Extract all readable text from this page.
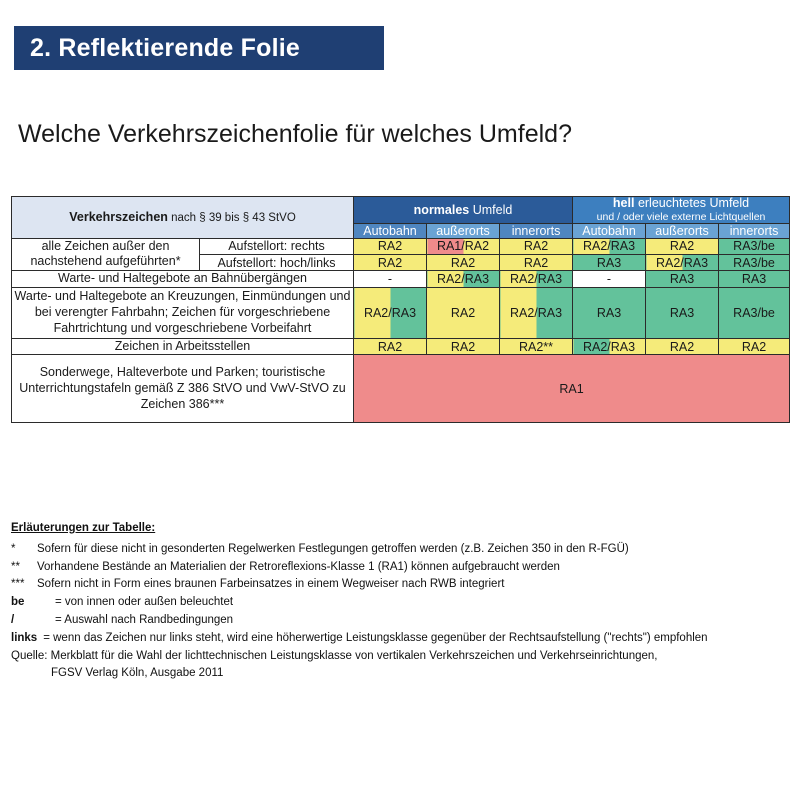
2. Reflektierende Folie
Welche Verkehrszeichenfolie für welches Umfeld?
Verkehrszeichen nach § 39 bis § 43 StVO		normales Umfeld			hell erleuchtetes Umfeld
und / oder viele externe Lichtquellen		

		Autobahn	außerorts	innerorts	Autobahn	außerorts	innerorts
alle Zeichen außer den nachstehend aufgeführten*	Aufstellort: rechts	RA2	RA1/RA2	RA2	RA2/RA3	RA2	RA3/be
	Aufstellort: hoch/links	RA2	RA2	RA2	RA3	RA2/RA3	RA3/be
Warte- und Haltegebote an Bahnübergängen		-	RA2/RA3	RA2/RA3	-	RA3	RA3
Warte- und Haltegebote an Kreuzungen, Einmündungen und bei verengter Fahrbahn; Zeichen für vorgeschriebene Fahrtrichtung und vorgeschriebene Vorbeifahrt		RA2/RA3	RA2	RA2/RA3	RA3	RA3	RA3/be
Zeichen in Arbeitsstellen		RA2	RA2	RA2**	RA2/RA3	RA2	RA2
Sonderwege, Halteverbote und Parken; touristische Unterrichtungstafeln gemäß Z 386 StVO und VwV-StVO zu Zeichen 386***		RA1					
Erläuterungen zur Tabelle:
* Sofern für diese nicht in gesonderten Regelwerken Festlegungen getroffen werden (z.B. Zeichen 350 in den R-FGÜ)
** Vorhandene Bestände an Materialien der Retroreflexions-Klasse 1 (RA1) können aufgebraucht werden
*** Sofern nicht in Form eines braunen Farbeinsatzes in einem Wegweiser nach RWB integriert
be	= von innen oder außen beleuchtet
/	= Auswahl nach Randbedingungen
links = wenn das Zeichen nur links steht, wird eine höherwertige Leistungsklasse gegenüber der Rechtsaufstellung ("rechts") empfohlen
Quelle: Merkblatt für die Wahl der lichttechnischen Leistungsklasse von vertikalen Verkehrszeichen und Verkehrseinrichtungen,
FGSV Verlag Köln, Ausgabe 2011
